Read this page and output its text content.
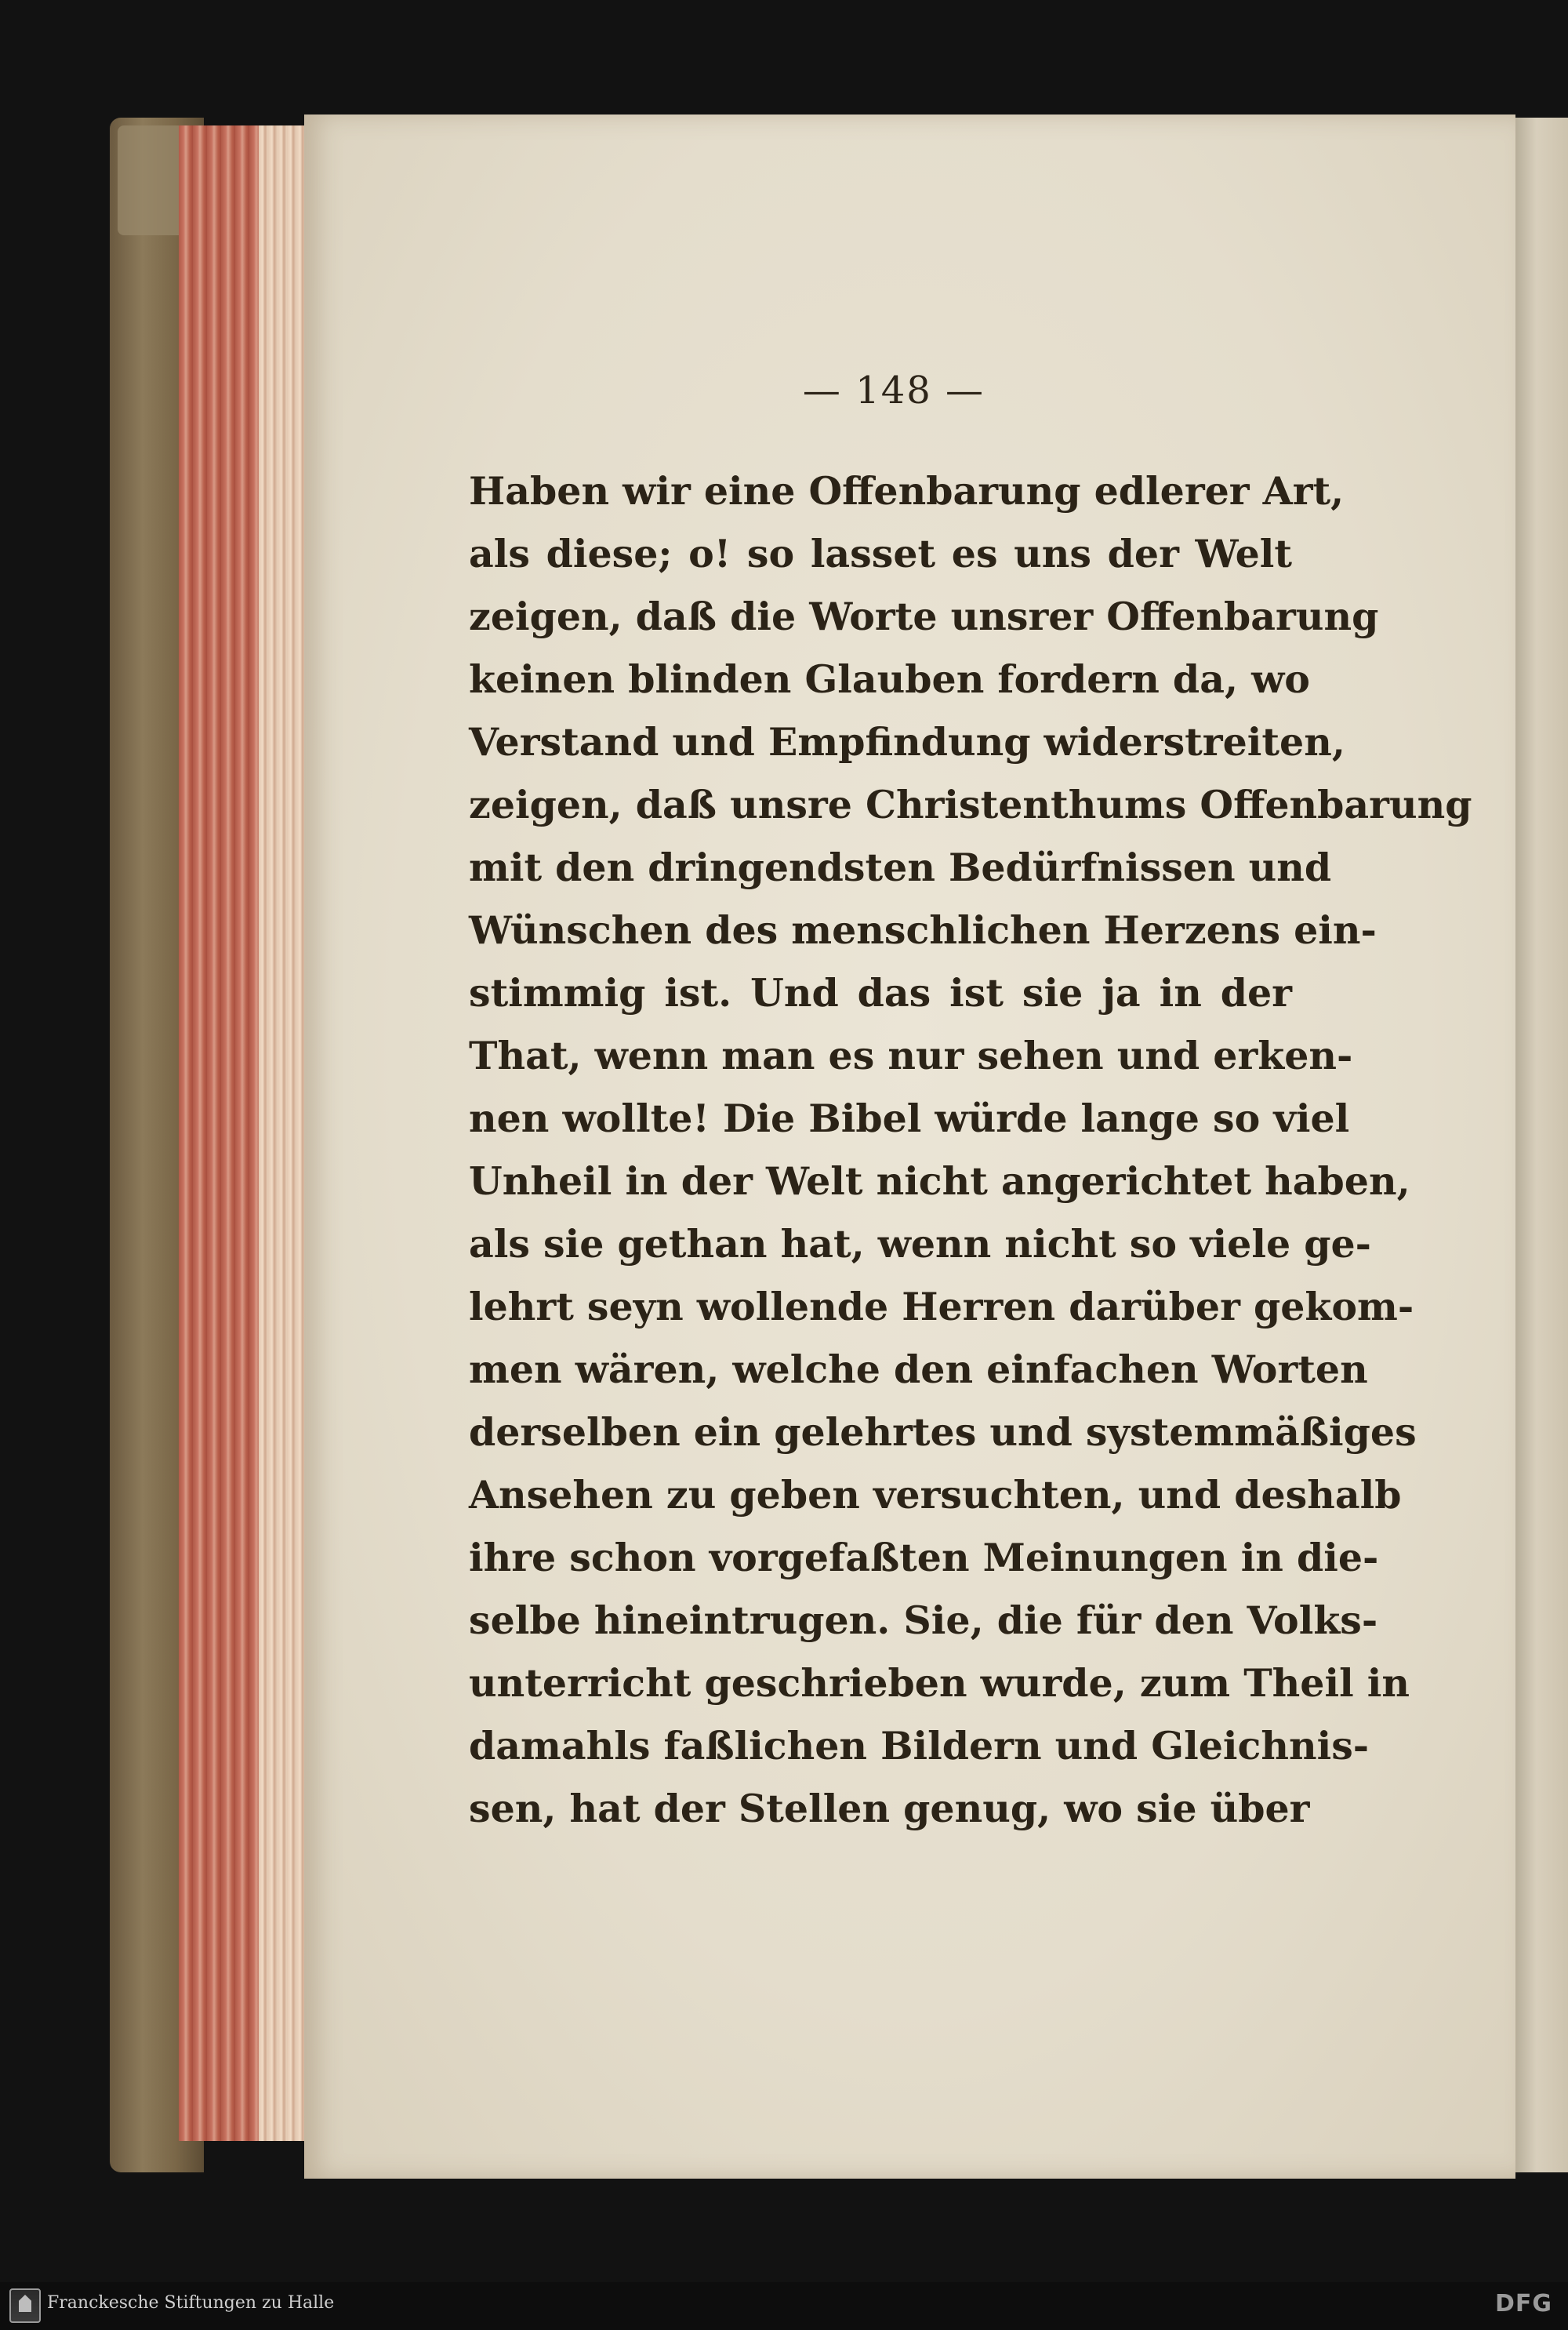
— 148 —
Haben wir eine Offenbarung edlerer Art,
als diese; o! so lasset es uns der Welt
zeigen, daß die Worte unsrer Offenbarung
keinen blinden Glauben fordern da, wo
Verstand und Empfindung widerstreiten,
zeigen, daß unsre Christenthums Offenbarung
mit den dringendsten Bedürfnissen und
Wünschen des menschlichen Herzens ein-
stimmig ist. Und das ist sie ja in der
That, wenn man es nur sehen und erken-
nen wollte! Die Bibel würde lange so viel
Unheil in der Welt nicht angerichtet haben,
als sie gethan hat, wenn nicht so viele ge-
lehrt seyn wollende Herren darüber gekom-
men wären, welche den einfachen Worten
derselben ein gelehrtes und systemmäßiges
Ansehen zu geben versuchten, und deshalb
ihre schon vorgefaßten Meinungen in die-
selbe hineintrugen. Sie, die für den Volks-
unterricht geschrieben wurde, zum Theil in
damahls faßlichen Bildern und Gleichnis-
sen, hat der Stellen genug, wo sie über
Franckesche Stiftungen zu Halle	DFG
